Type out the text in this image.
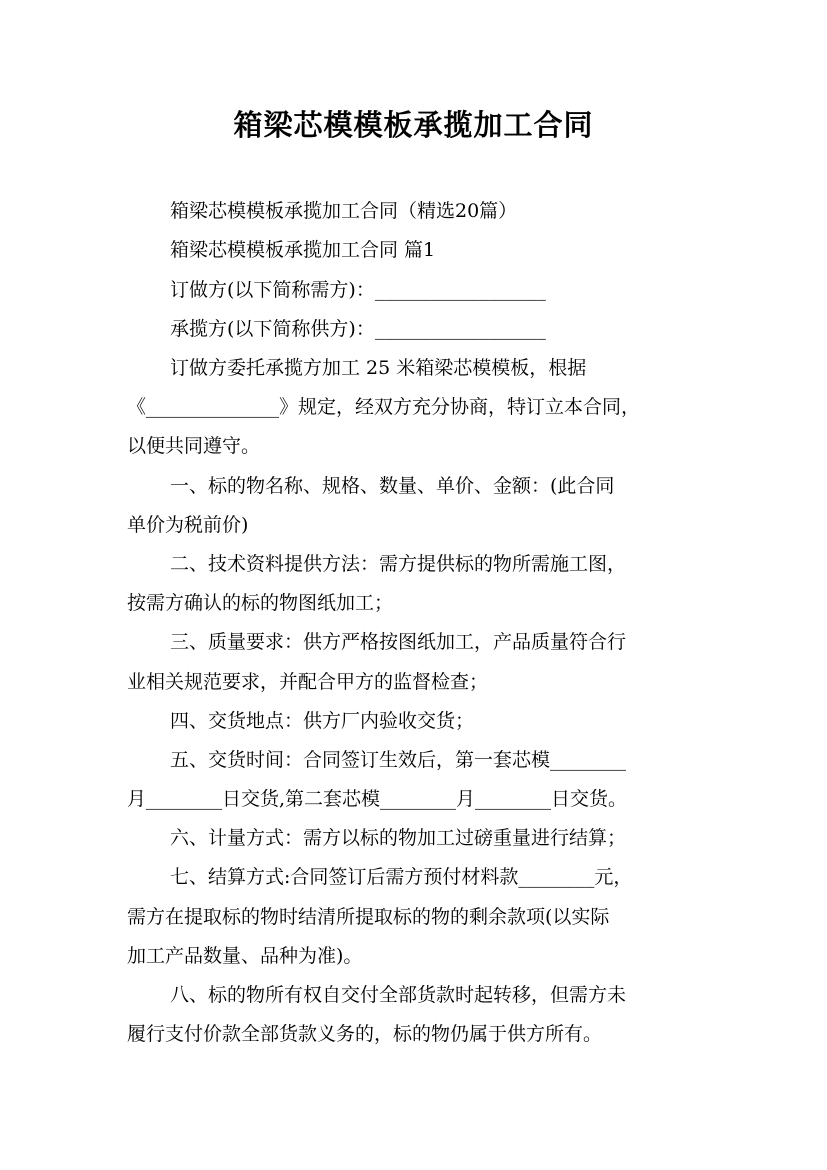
箱梁芯模模板承揽加工合同

箱梁芯模模板承揽加工合同（精选20篇）

箱梁芯模模板承揽加工合同 篇1

订做方(以下简称需方)：__________________

承揽方(以下简称供方)：__________________

订做方委托承揽方加工 25 米箱梁芯模模板，根据

《______________》规定，经双方充分协商，特订立本合同，

以便共同遵守。

一、标的物名称、规格、数量、单价、金额：(此合同

单价为税前价)

二、技术资料提供方法：需方提供标的物所需施工图，

按需方确认的标的物图纸加工；

三、质量要求：供方严格按图纸加工，产品质量符合行

业相关规范要求，并配合甲方的监督检查；

四、交货地点：供方厂内验收交货；

五、交货时间：合同签订生效后，第一套芯模________

月________日交货,第二套芯模________月________日交货。

六、计量方式：需方以标的物加工过磅重量进行结算；

七、结算方式:合同签订后需方预付材料款________元，

需方在提取标的物时结清所提取标的物的剩余款项(以实际

加工产品数量、品种为准)。

八、标的物所有权自交付全部货款时起转移，但需方未

履行支付价款全部货款义务的，标的物仍属于供方所有。
